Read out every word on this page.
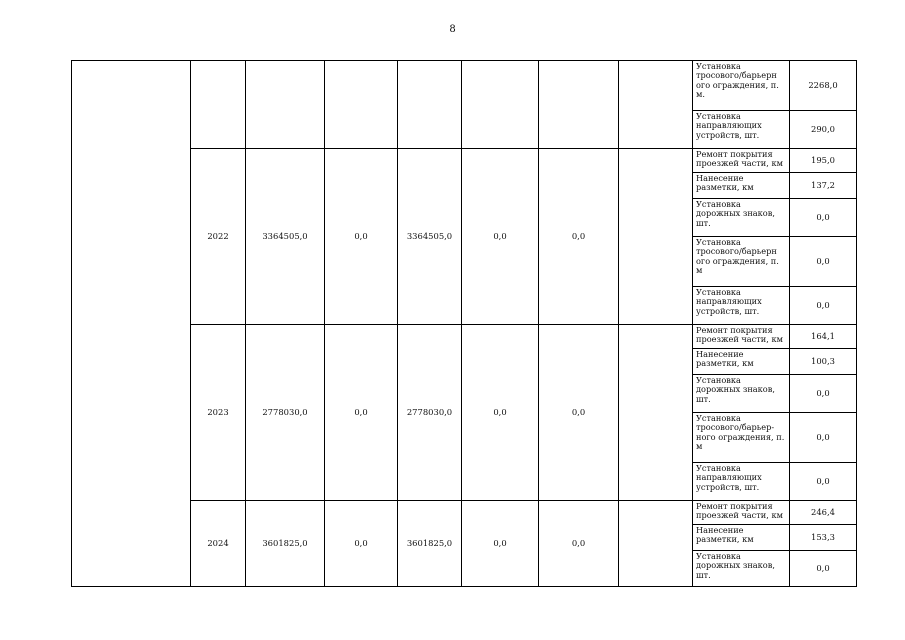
8
								Установка тросового/барьерн ого ограждения, п. м.	2268,0
								Установка направляющих устройств, шт.	290,0
	2022	3364505,0	0,0	3364505,0	0,0	0,0		Ремонт покрытия проезжей части, км	195,0
								Нанесение разметки, км	137,2
								Установка дорожных знаков, шт.	0,0
								Установка тросового/барьерн ого ограждения, п. м	0,0
								Установка направляющих устройств, шт.	0,0
	2023	2778030,0	0,0	2778030,0	0,0	0,0		Ремонт покрытия проезжей части, км	164,1
								Нанесение разметки, км	100,3
								Установка дорожных знаков, шт.	0,0
								Установка тросового/барьер- ного ограждения, п. м	0,0
								Установка направляющих устройств, шт.	0,0
	2024	3601825,0	0,0	3601825,0	0,0	0,0		Ремонт покрытия проезжей части, км	246,4
								Нанесение разметки, км	153,3
								Установка дорожных знаков, шт.	0,0
